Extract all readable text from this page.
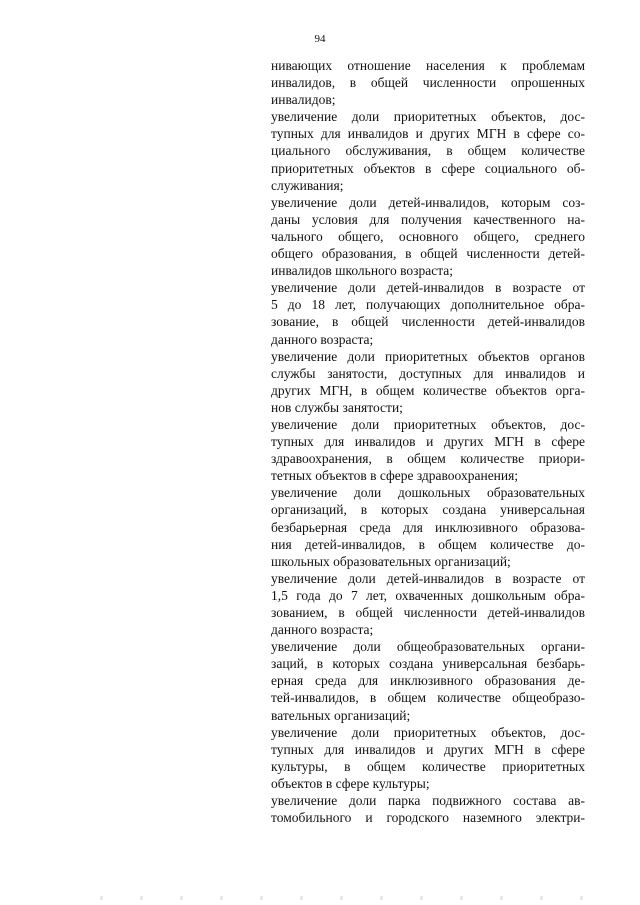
94
нивающих отношение населения к проблемам
инвалидов, в общей численности опрошенных
инвалидов;
увеличение доли приоритетных объектов, дос-
тупных для инвалидов и других МГН в сфере со-
циального обслуживания, в общем количестве
приоритетных объектов в сфере социального об-
служивания;
увеличение доли детей-инвалидов, которым соз-
даны условия для получения качественного на-
чального общего, основного общего, среднего
общего образования, в общей численности детей-
инвалидов школьного возраста;
увеличение доли детей-инвалидов в возрасте от
5 до 18 лет, получающих дополнительное обра-
зование, в общей численности детей-инвалидов
данного возраста;
увеличение доли приоритетных объектов органов
службы занятости, доступных для инвалидов и
других МГН, в общем количестве объектов орга-
нов службы занятости;
увеличение доли приоритетных объектов, дос-
тупных для инвалидов и других МГН в сфере
здравоохранения, в общем количестве приори-
тетных объектов в сфере здравоохранения;
увеличение доли дошкольных образовательных
организаций, в которых создана универсальная
безбарьерная среда для инклюзивного образова-
ния детей-инвалидов, в общем количестве до-
школьных образовательных организаций;
увеличение доли детей-инвалидов в возрасте от
1,5 года до 7 лет, охваченных дошкольным обра-
зованием, в общей численности детей-инвалидов
данного возраста;
увеличение доли общеобразовательных органи-
заций, в которых создана универсальная безбарь-
ерная среда для инклюзивного образования де-
тей-инвалидов, в общем количестве общеобразо-
вательных организаций;
увеличение доли приоритетных объектов, дос-
тупных для инвалидов и других МГН в сфере
культуры, в общем количестве приоритетных
объектов в сфере культуры;
увеличение доли парка подвижного состава ав-
томобильного и городского наземного электри-
